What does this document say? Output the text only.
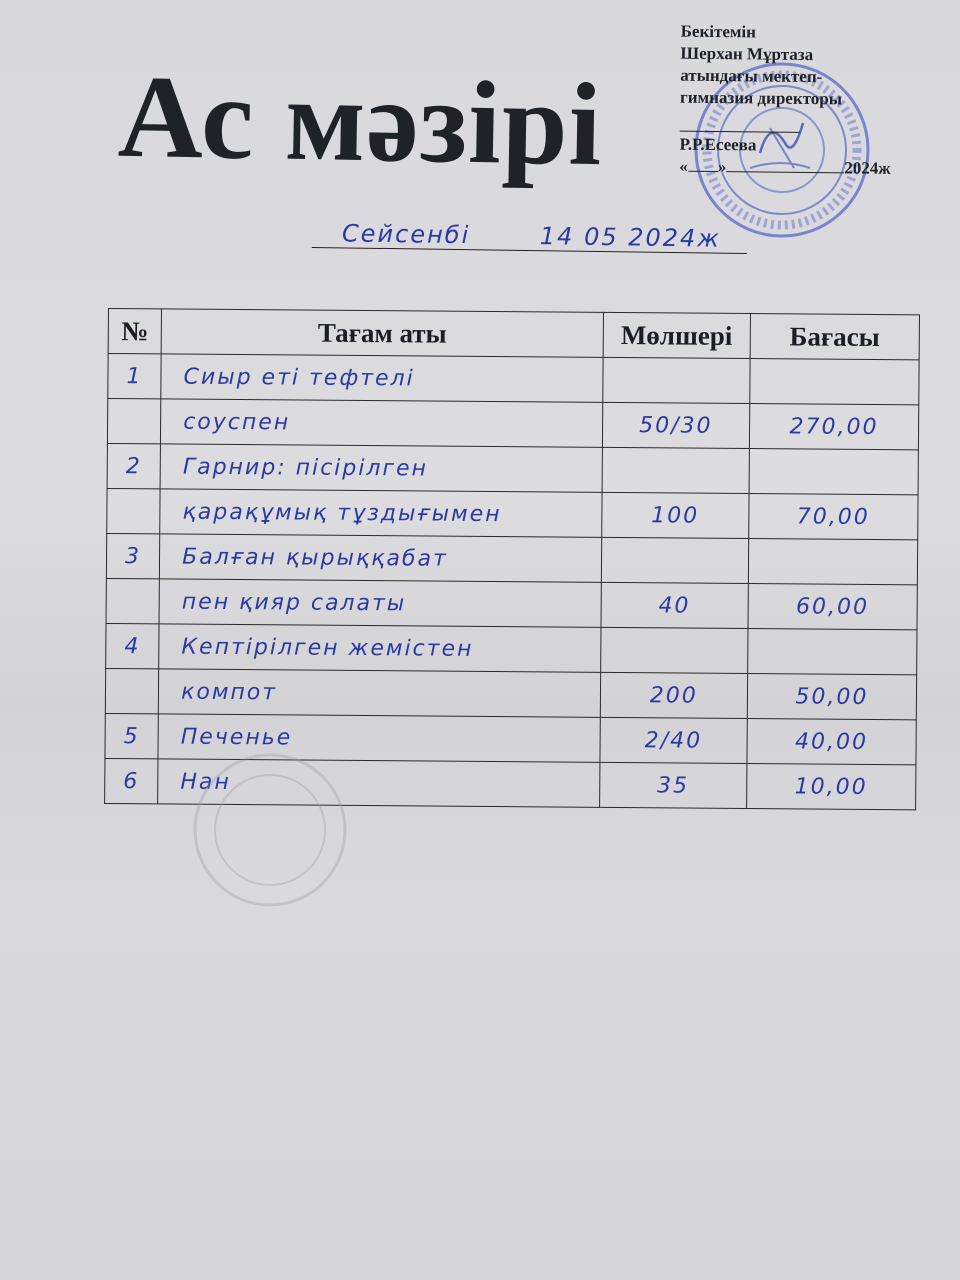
Ас мәзірі
Бекітемін
Шерхан Мұртаза
атындағы мектеп-
гимназия директоры
Р.Р.Есеева
« »	2024ж
Сейсенбі	14 05 2024ж
№	Тағам аты	Мөлшері	Бағасы
1	Сиыр еті тефтелі		
	соуспен	50/30	270,00
2	Гарнир: пісірілген		
	қарақұмық тұздығымен	100	70,00
3	Балған қырыққабат		
	пен қияр салаты	40	60,00
4	Кептірілген жемістен		
	компот	200	50,00
5	Печенье	2/40	40,00
6	Нан	35	10,00
